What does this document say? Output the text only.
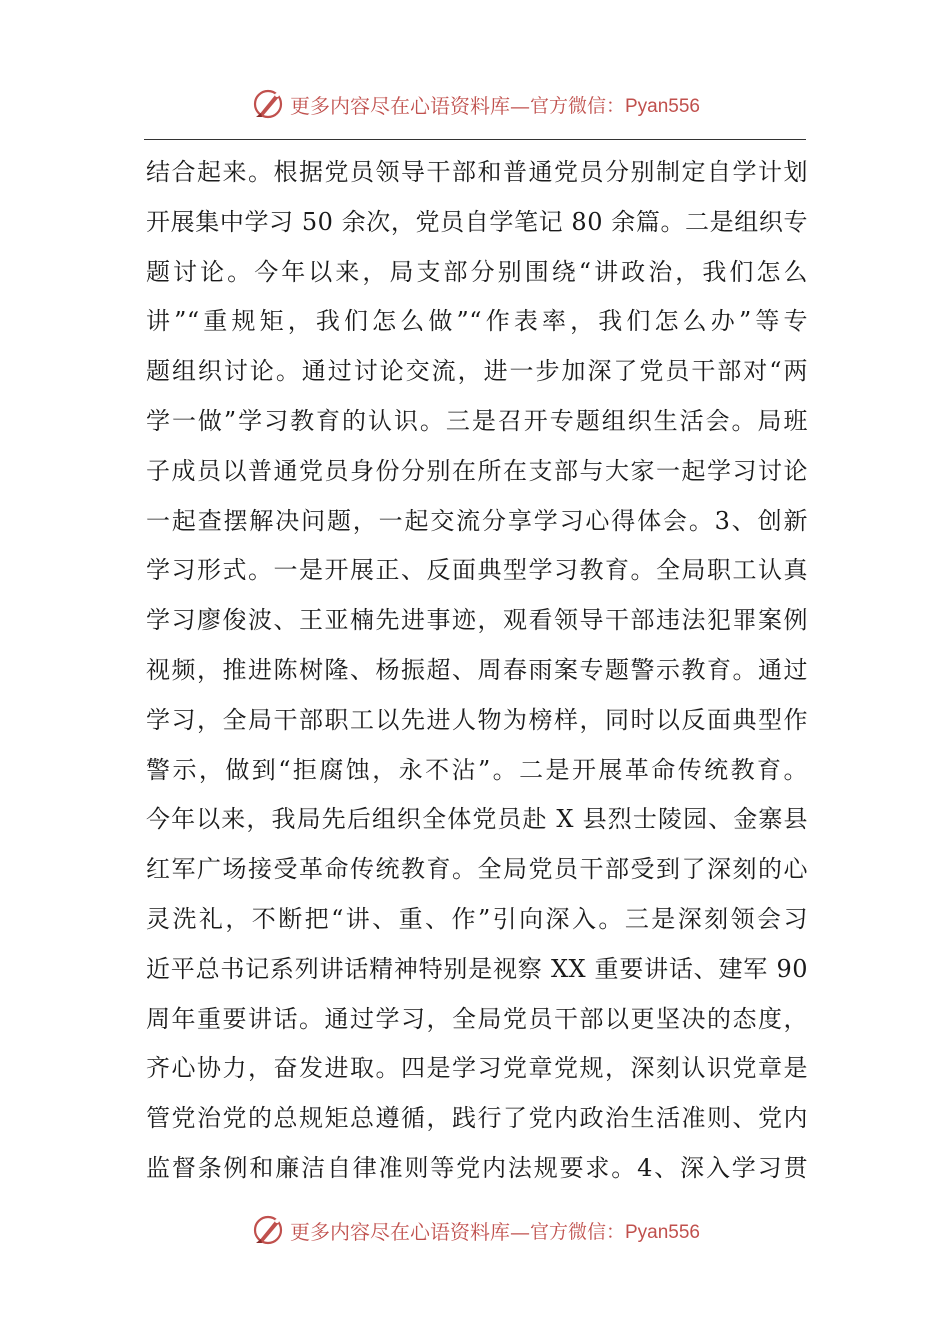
更多内容尽在心语资料库— 官方微信：Pyan556
结合起来。根据党员领导干部和普通党员分别制定自学计划
开展集中学习 50 余次，党员自学笔记 80 余篇。二是组织专
题讨论。今年以来，局支部分别围绕“讲政治，我们怎么
讲”“重规矩，我们怎么做”“作表率，我们怎么办”等专
题组织讨论。通过讨论交流，进一步加深了党员干部对“两
学一做”学习教育的认识。三是召开专题组织生活会。局班
子成员以普通党员身份分别在所在支部与大家一起学习讨论
一起查摆解决问题，一起交流分享学习心得体会。3、创新
学习形式。一是开展正、反面典型学习教育。全局职工认真
学习廖俊波、王亚楠先进事迹，观看领导干部违法犯罪案例
视频，推进陈树隆、杨振超、周春雨案专题警示教育。通过
学习，全局干部职工以先进人物为榜样，同时以反面典型作
警示，做到“拒腐蚀，永不沾”。二是开展革命传统教育。
今年以来，我局先后组织全体党员赴 X 县烈士陵园、金寨县
红军广场接受革命传统教育。全局党员干部受到了深刻的心
灵洗礼，不断把“讲、重、作”引向深入。三是深刻领会习
近平总书记系列讲话精神特别是视察 XX 重要讲话、建军 90
周年重要讲话。通过学习，全局党员干部以更坚决的态度，
齐心协力，奋发进取。四是学习党章党规，深刻认识党章是
管党治党的总规矩总遵循，践行了党内政治生活准则、党内
监督条例和廉洁自律准则等党内法规要求。4、深入学习贯
更多内容尽在心语资料库— 官方微信：Pyan556
